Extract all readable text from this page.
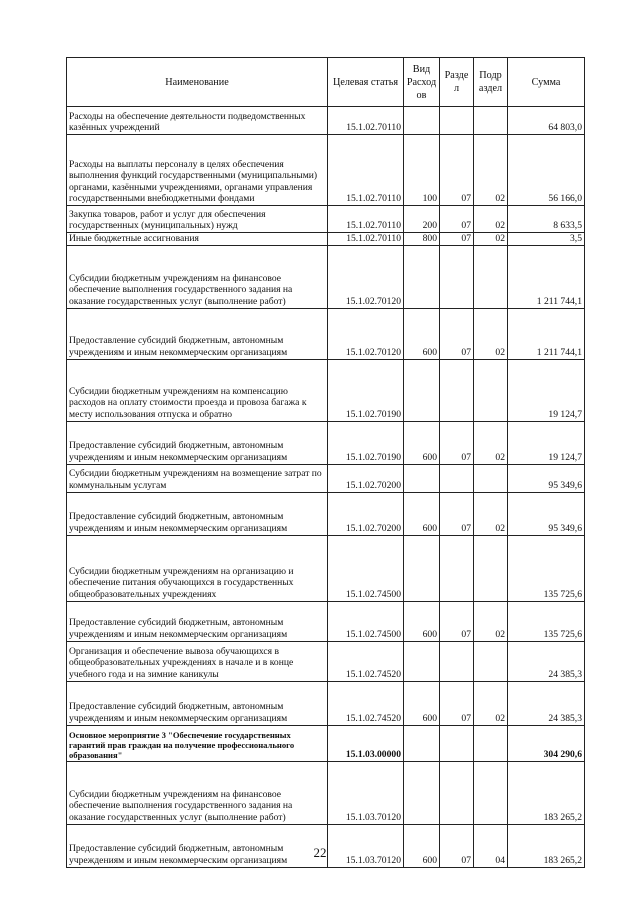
Наименование	Целевая статья	Вид Расход ов	Разде л	Подр аздел	Сумма
Расходы на обеспечение деятельности подведомственных казённых учреждений	15.1.02.70110				64 803,0
Расходы на выплаты персоналу в целях обеспечения выполнения функций государственными (муниципальными) органами, казёнными учреждениями, органами управления государственными внебюджетными фондами	15.1.02.70110	100	07	02	56 166,0
Закупка товаров, работ и услуг для обеспечения государственных (муниципальных) нужд	15.1.02.70110	200	07	02	8 633,5
Иные бюджетные ассигнования	15.1.02.70110	800	07	02	3,5
Субсидии бюджетным учреждениям на финансовое обеспечение выполнения государственного задания на оказание государственных услуг (выполнение работ)	15.1.02.70120				1 211 744,1
Предоставление субсидий бюджетным, автономным учреждениям и иным некоммерческим организациям	15.1.02.70120	600	07	02	1 211 744,1
Субсидии бюджетным учреждениям на компенсацию расходов на оплату стоимости проезда и провоза багажа к месту использования отпуска и обратно	15.1.02.70190				19 124,7
Предоставление субсидий бюджетным, автономным учреждениям и иным некоммерческим организациям	15.1.02.70190	600	07	02	19 124,7
Субсидии бюджетным учреждениям на возмещение затрат по коммунальным услугам	15.1.02.70200				95 349,6
Предоставление субсидий бюджетным, автономным учреждениям и иным некоммерческим организациям	15.1.02.70200	600	07	02	95 349,6
Субсидии бюджетным учреждениям на организацию и обеспечение питания обучающихся в государственных общеобразовательных учреждениях	15.1.02.74500				135 725,6
Предоставление субсидий бюджетным, автономным учреждениям и иным некоммерческим организациям	15.1.02.74500	600	07	02	135 725,6
Организация и обеспечение вывоза обучающихся в общеобразовательных учреждениях в начале и в конце учебного года и на зимние каникулы	15.1.02.74520				24 385,3
Предоставление субсидий бюджетным, автономным учреждениям и иным некоммерческим организациям	15.1.02.74520	600	07	02	24 385,3
Основное мероприятие 3 "Обеспечение государственных гарантий прав граждан на получение профессионального образования"	15.1.03.00000				304 290,6
Субсидии бюджетным учреждениям на финансовое обеспечение выполнения государственного задания на оказание государственных услуг (выполнение работ)	15.1.03.70120				183 265,2
Предоставление субсидий бюджетным, автономным учреждениям и иным некоммерческим организациям	15.1.03.70120	600	07	04	183 265,2
22
